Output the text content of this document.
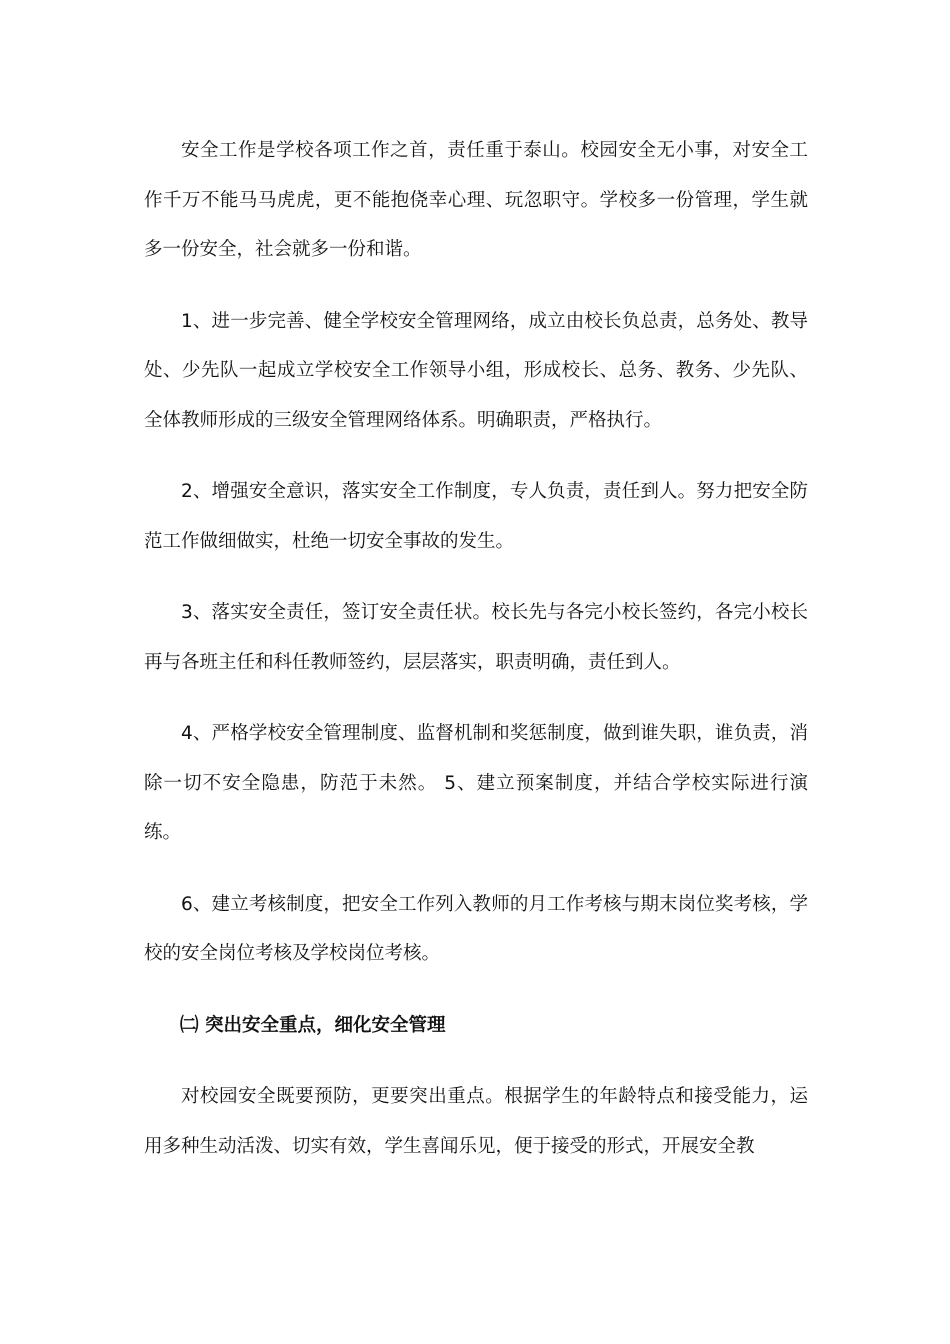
安全工作是学校各项工作之首，责任重于泰山。校园安全无小事，对安全工作千万不能马马虎虎，更不能抱侥幸心理、玩忽职守。学校多一份管理，学生就多一份安全，社会就多一份和谐。

1、进一步完善、健全学校安全管理网络，成立由校长负总责，总务处、教导处、少先队一起成立学校安全工作领导小组，形成校长、总务、教务、少先队、全体教师形成的三级安全管理网络体系。明确职责，严格执行。

2、增强安全意识，落实安全工作制度，专人负责，责任到人。努力把安全防范工作做细做实，杜绝一切安全事故的发生。

3、落实安全责任，签订安全责任状。校长先与各完小校长签约，各完小校长再与各班主任和科任教师签约，层层落实，职责明确，责任到人。

4、严格学校安全管理制度、监督机制和奖惩制度，做到谁失职，谁负责，消除一切不安全隐患，防范于未然。 5、建立预案制度，并结合学校实际进行演练。

6、建立考核制度，把安全工作列入教师的月工作考核与期末岗位奖考核，学校的安全岗位考核及学校岗位考核。

㈡ 突出安全重点，细化安全管理

对校园安全既要预防，更要突出重点。根据学生的年龄特点和接受能力，运用多种生动活泼、切实有效，学生喜闻乐见，便于接受的形式，开展安全教
